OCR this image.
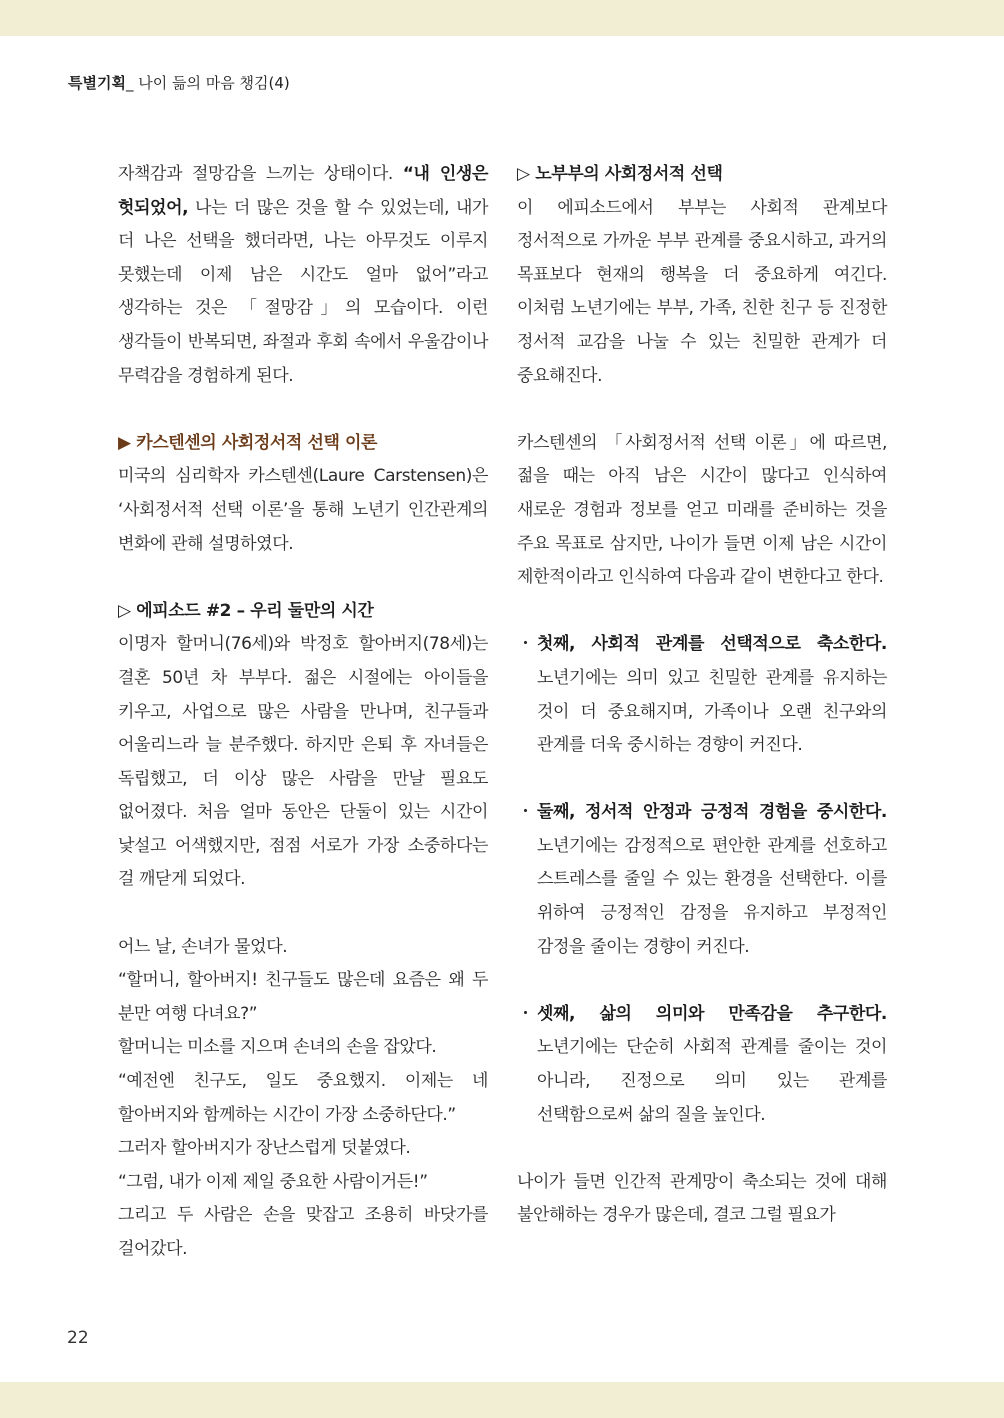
특별기획_ 나이 듦의 마음 챙김(4)

자책감과 절망감을 느끼는 상태이다. “내 인생은 헛되었어, 나는 더 많은 것을 할 수 있었는데, 내가 더 나은 선택을 했더라면, 나는 아무것도 이루지 못했는데 이제 남은 시간도 얼마 없어”라고 생각하는 것은 「절망감」의 모습이다. 이런 생각들이 반복되면, 좌절과 후회 속에서 우울감이나 무력감을 경험하게 된다.

▶ 카스텐센의 사회정서적 선택 이론

미국의 심리학자 카스텐센(Laure Carstensen)은 ‘사회정서적 선택 이론’을 통해 노년기 인간관계의 변화에 관해 설명하였다.

▷ 에피소드 #2 – 우리 둘만의 시간

이명자 할머니(76세)와 박정호 할아버지(78세)는 결혼 50년 차 부부다. 젊은 시절에는 아이들을 키우고, 사업으로 많은 사람을 만나며, 친구들과 어울리느라 늘 분주했다. 하지만 은퇴 후 자녀들은 독립했고, 더 이상 많은 사람을 만날 필요도 없어졌다. 처음 얼마 동안은 단둘이 있는 시간이 낯설고 어색했지만, 점점 서로가 가장 소중하다는 걸 깨닫게 되었다.

어느 날, 손녀가 물었다.

“할머니, 할아버지! 친구들도 많은데 요즘은 왜 두 분만 여행 다녀요?”

할머니는 미소를 지으며 손녀의 손을 잡았다.

“예전엔 친구도, 일도 중요했지. 이제는 네 할아버지와 함께하는 시간이 가장 소중하단다.”

그러자 할아버지가 장난스럽게 덧붙였다.

“그럼, 내가 이제 제일 중요한 사람이거든!”

그리고 두 사람은 손을 맞잡고 조용히 바닷가를 걸어갔다.

▷ 노부부의 사회정서적 선택

이 에피소드에서 부부는 사회적 관계보다 정서적으로 가까운 부부 관계를 중요시하고, 과거의 목표보다 현재의 행복을 더 중요하게 여긴다. 이처럼 노년기에는 부부, 가족, 친한 친구 등 진정한 정서적 교감을 나눌 수 있는 친밀한 관계가 더 중요해진다.

카스텐센의 「사회정서적 선택 이론」에 따르면, 젊을 때는 아직 남은 시간이 많다고 인식하여 새로운 경험과 정보를 얻고 미래를 준비하는 것을 주요 목표로 삼지만, 나이가 들면 이제 남은 시간이 제한적이라고 인식하여 다음과 같이 변한다고 한다.

・ 첫째, 사회적 관계를 선택적으로 축소한다. 노년기에는 의미 있고 친밀한 관계를 유지하는 것이 더 중요해지며, 가족이나 오랜 친구와의 관계를 더욱 중시하는 경향이 커진다.

・ 둘째, 정서적 안정과 긍정적 경험을 중시한다. 노년기에는 감정적으로 편안한 관계를 선호하고 스트레스를 줄일 수 있는 환경을 선택한다. 이를 위하여 긍정적인 감정을 유지하고 부정적인 감정을 줄이는 경향이 커진다.

・ 셋째, 삶의 의미와 만족감을 추구한다. 노년기에는 단순히 사회적 관계를 줄이는 것이 아니라, 진정으로 의미 있는 관계를 선택함으로써 삶의 질을 높인다.

나이가 들면 인간적 관계망이 축소되는 것에 대해 불안해하는 경우가 많은데, 결코 그럴 필요가

22
